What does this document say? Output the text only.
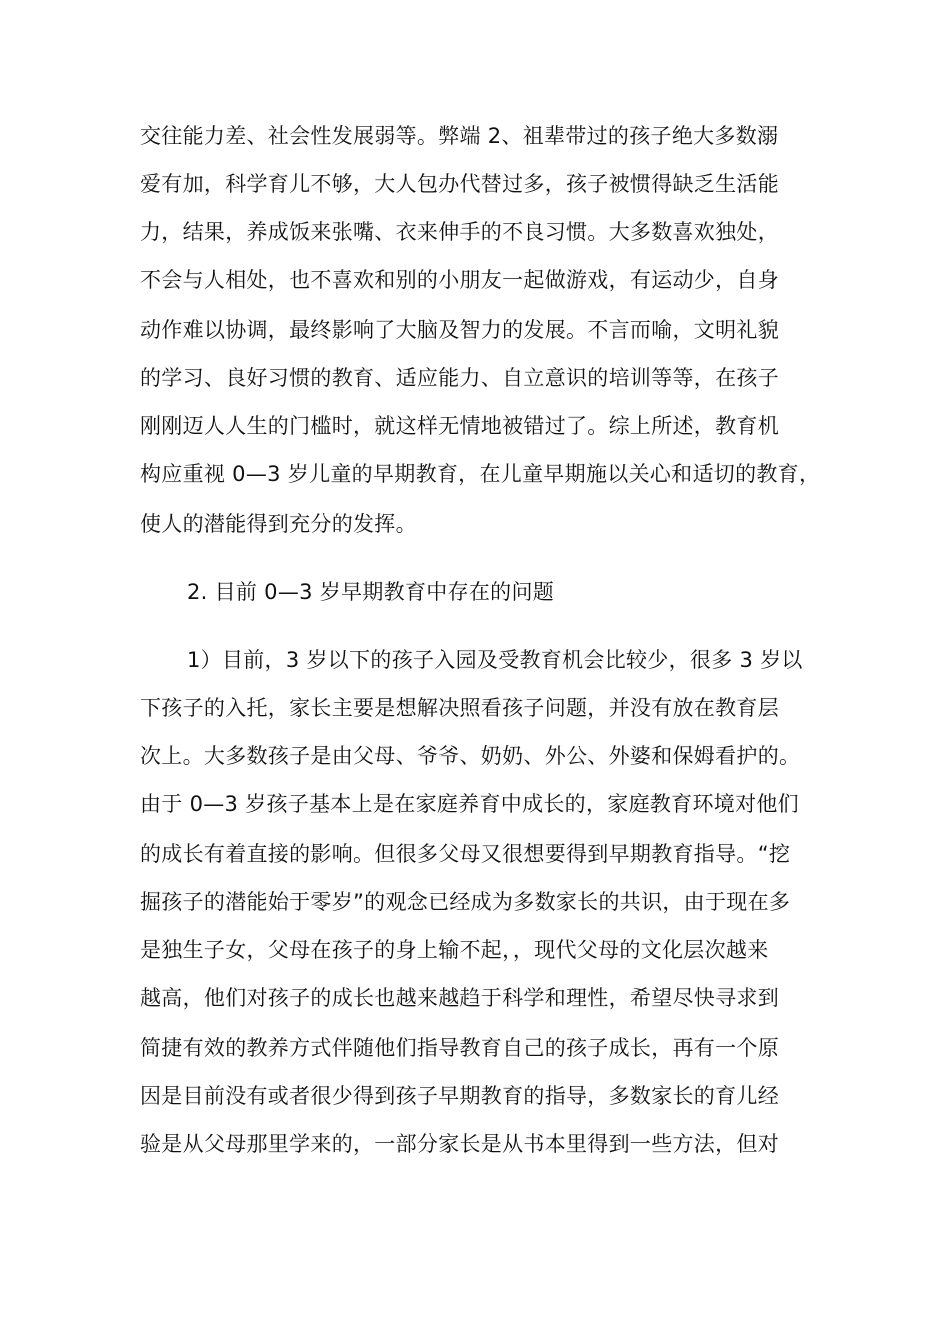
交往能力差、社会性发展弱等。弊端 2、祖辈带过的孩子绝大多数溺
爱有加，科学育儿不够，大人包办代替过多，孩子被惯得缺乏生活能
力，结果，养成饭来张嘴、衣来伸手的不良习惯。大多数喜欢独处，
不会与人相处，也不喜欢和别的小朋友一起做游戏，有运动少，自身
动作难以协调，最终影响了大脑及智力的发展。不言而喻，文明礼貌
的学习、良好习惯的教育、适应能力、自立意识的培训等等，在孩子
刚刚迈人人生的门槛时，就这样无情地被错过了。综上所述，教育机
构应重视 0—3 岁儿童的早期教育，在儿童早期施以关心和适切的教育，
使人的潜能得到充分的发挥。
2. 目前 0—3 岁早期教育中存在的问题
1）目前，3 岁以下的孩子入园及受教育机会比较少，很多 3 岁以
下孩子的入托，家长主要是想解决照看孩子问题，并没有放在教育层
次上。大多数孩子是由父母、爷爷、奶奶、外公、外婆和保姆看护的。
由于 0—3 岁孩子基本上是在家庭养育中成长的，家庭教育环境对他们
的成长有着直接的影响。但很多父母又很想要得到早期教育指导。“挖
掘孩子的潜能始于零岁”的观念已经成为多数家长的共识，由于现在多
是独生子女，父母在孩子的身上输不起，，现代父母的文化层次越来
越高，他们对孩子的成长也越来越趋于科学和理性，希望尽快寻求到
简捷有效的教养方式伴随他们指导教育自己的孩子成长，再有一个原
因是目前没有或者很少得到孩子早期教育的指导，多数家长的育儿经
验是从父母那里学来的，一部分家长是从书本里得到一些方法，但对
